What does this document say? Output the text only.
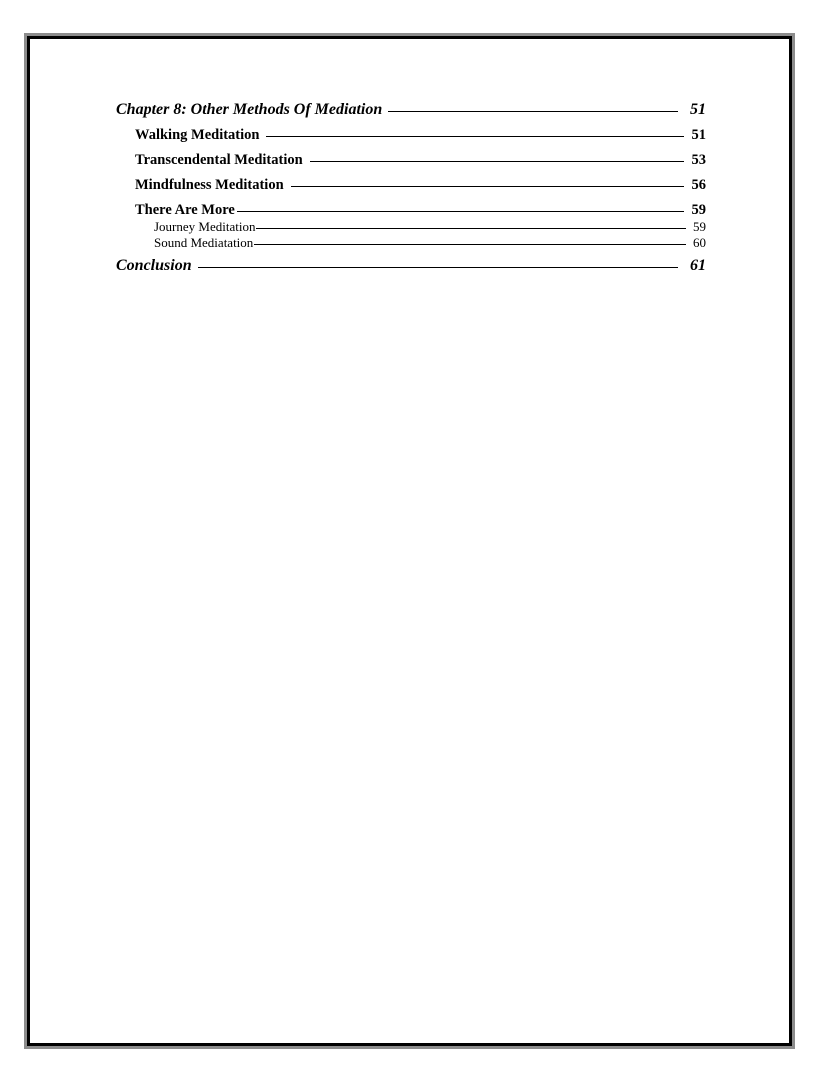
Chapter 8: Other Methods Of Mediation	51
Walking Meditation	51
Transcendental Meditation	53
Mindfulness Meditation	56
There Are More	59
Journey Meditation	59
Sound Mediatation	60
Conclusion	61
